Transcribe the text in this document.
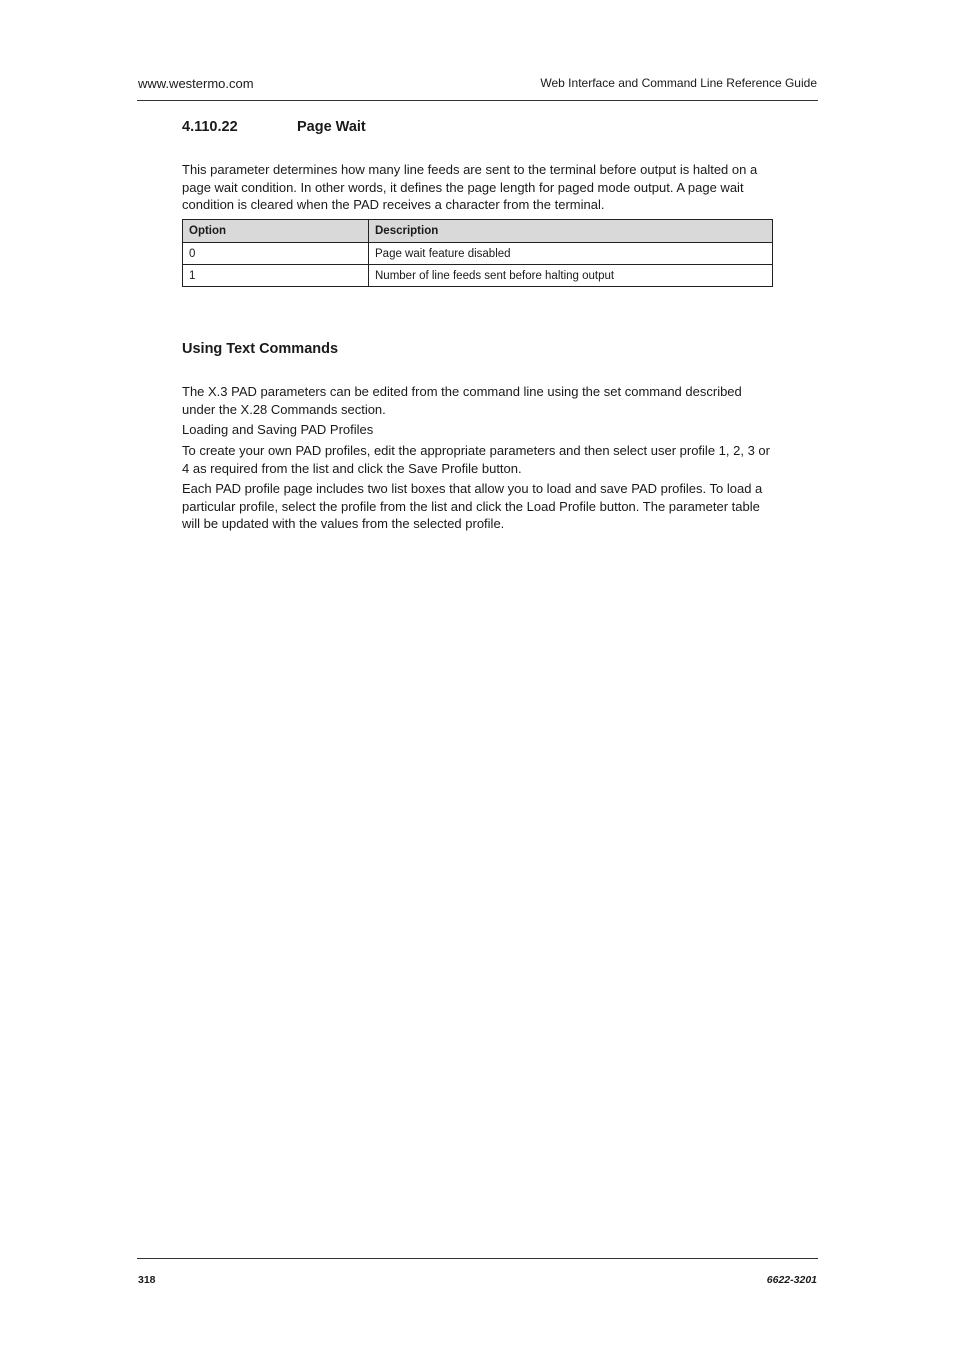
www.westermo.com	Web Interface and Command Line Reference Guide
4.110.22	Page Wait

This parameter determines how many line feeds are sent to the terminal before output is halted on a page wait condition. In other words, it defines the page length for paged mode output. A page wait condition is cleared when the PAD receives a character from the terminal.

Option	Description
0	Page wait feature disabled
1	Number of line feeds sent before halting output
Using Text Commands

The X.3 PAD parameters can be edited from the command line using the set command described under the X.28 Commands section.

Loading and Saving PAD Profiles

To create your own PAD profiles, edit the appropriate parameters and then select user profile 1, 2, 3 or 4 as required from the list and click the Save Profile button.

Each PAD profile page includes two list boxes that allow you to load and save PAD profiles. To load a particular profile, select the profile from the list and click the Load Profile button. The parameter table will be updated with the values from the selected profile.

318	6622-3201
